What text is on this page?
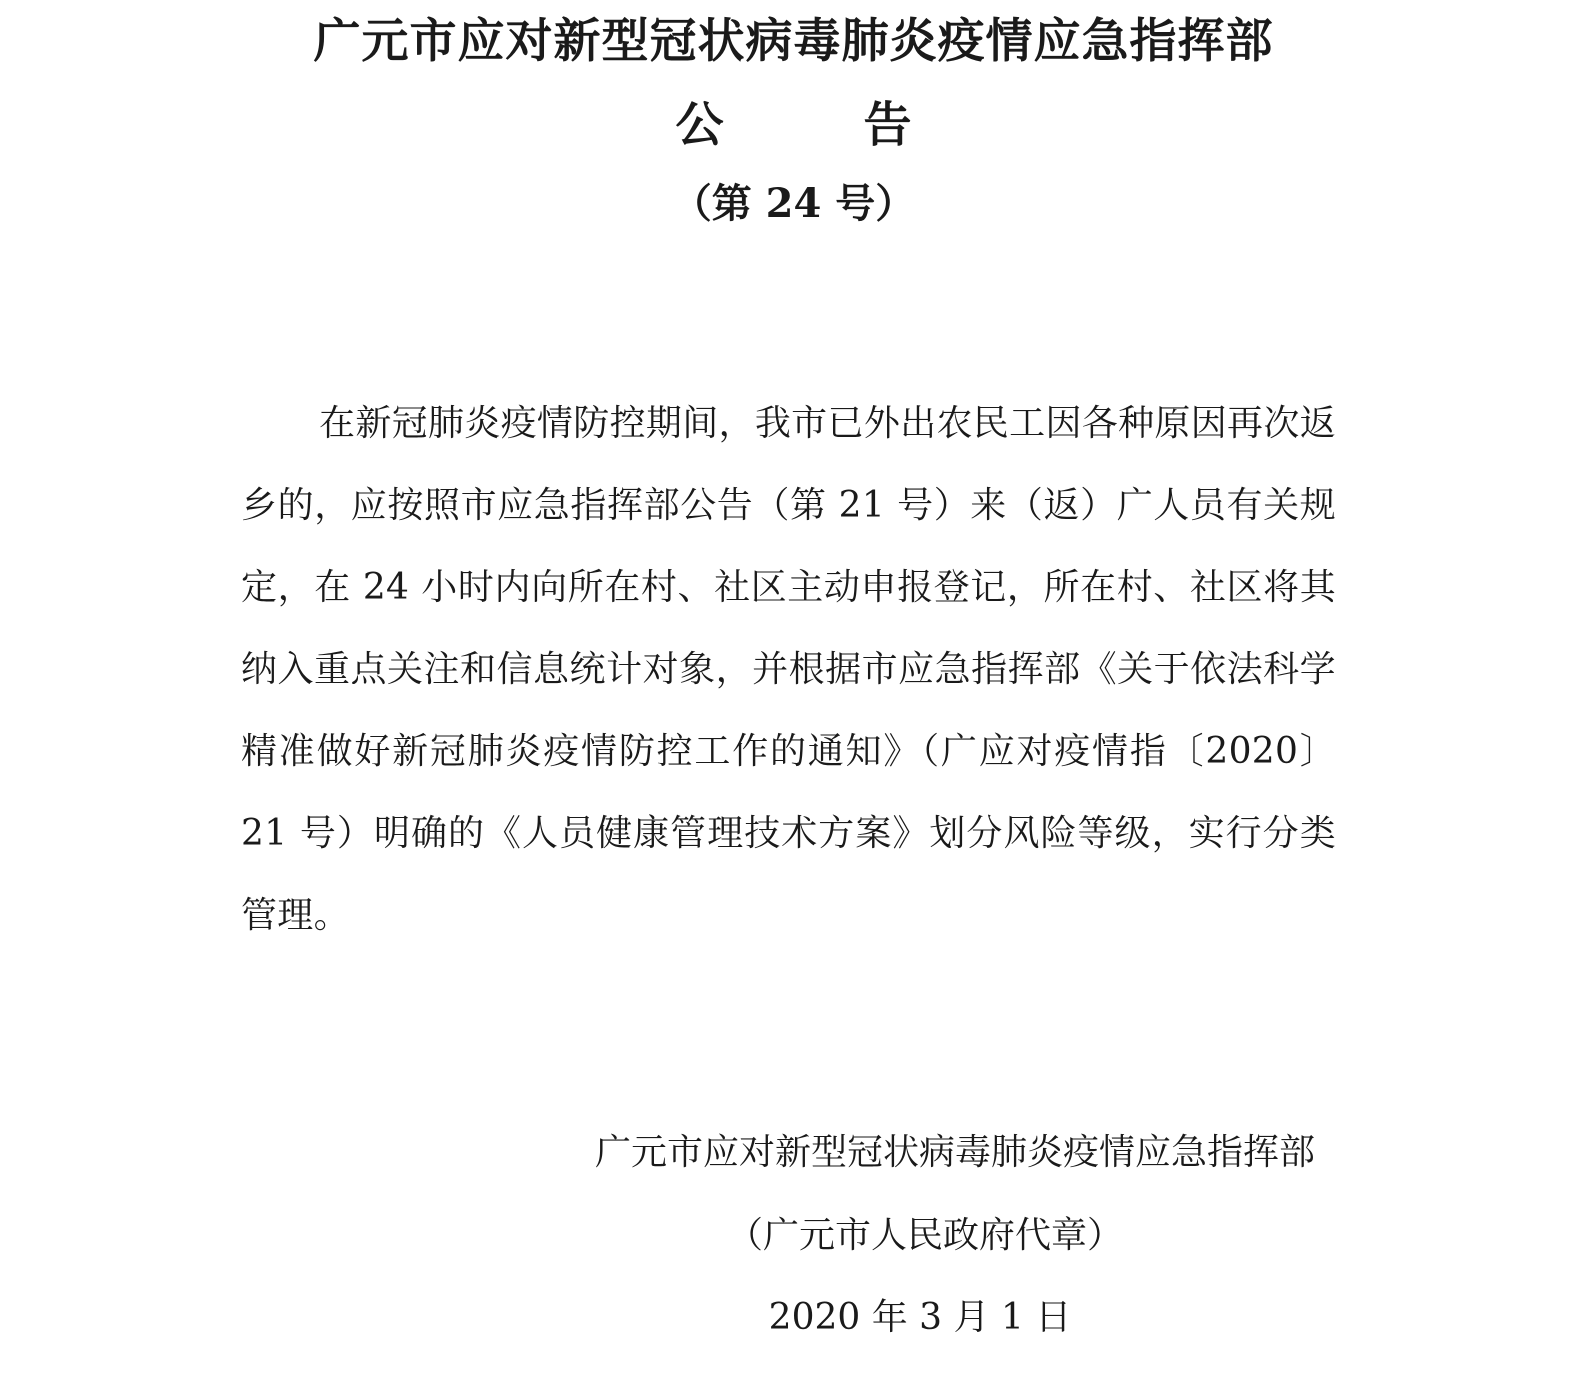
广元市应对新型冠状病毒肺炎疫情应急指挥部
公告
（第 24 号）
在新冠肺炎疫情防控期间，我市已外出农民工因各种原因再次返乡的，应按照市应急指挥部公告（第 21 号）来（返）广人员有关规定，在 24 小时内向所在村、社区主动申报登记，所在村、社区将其纳入重点关注和信息统计对象，并根据市应急指挥部《关于依法科学精准做好新冠肺炎疫情防控工作的通知》（广应对疫情指〔2020〕21 号）明确的《人员健康管理技术方案》划分风险等级，实行分类管理。
广元市应对新型冠状病毒肺炎疫情应急指挥部
（广元市人民政府代章）
2020 年 3 月 1 日
